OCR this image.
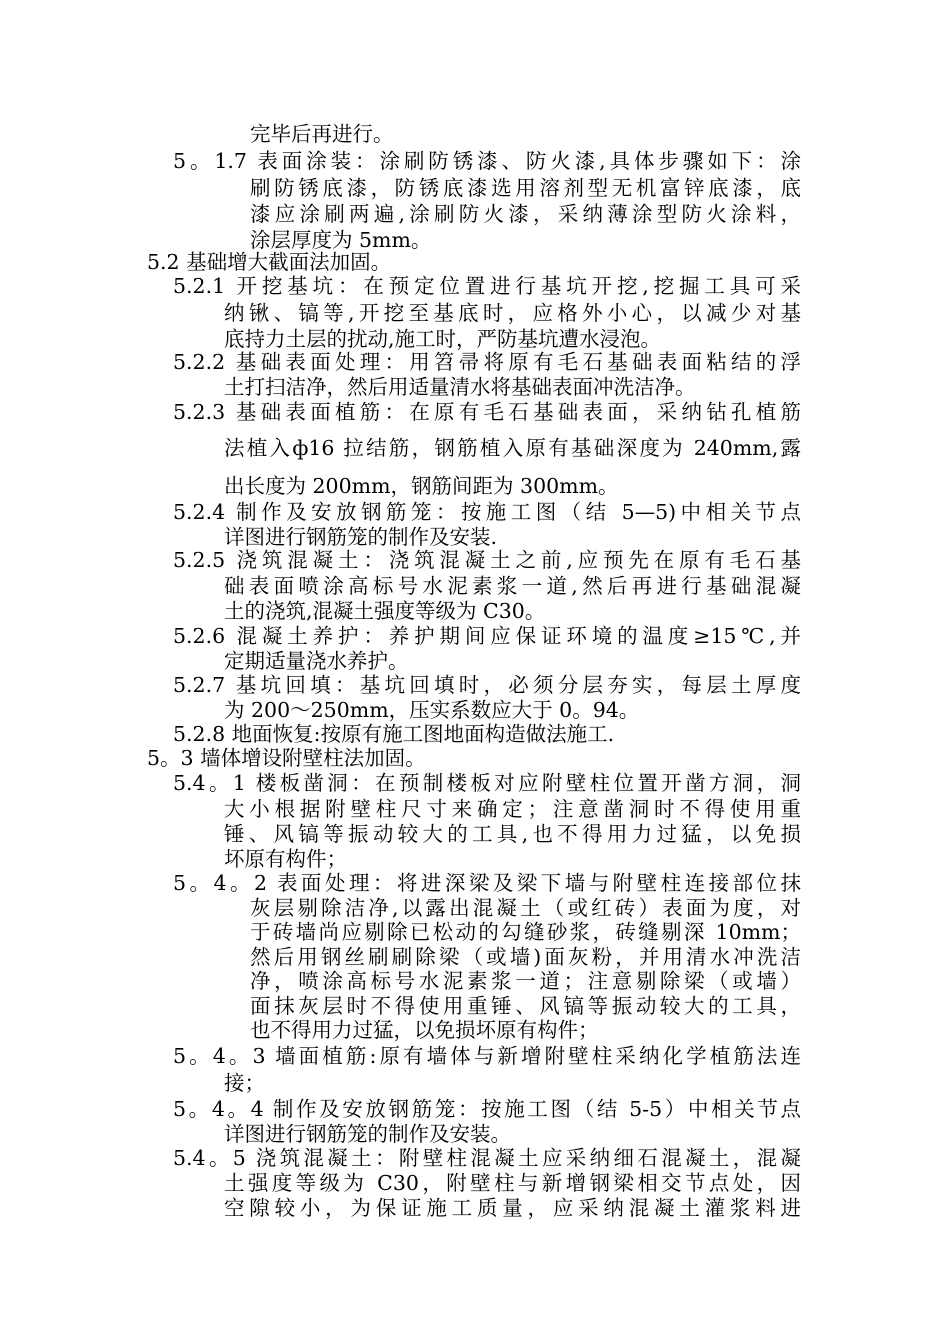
完毕后再进行。
5。1.7 表面涂装：涂刷防锈漆、防火漆,具体步骤如下：涂
刷防锈底漆，防锈底漆选用溶剂型无机富锌底漆，底
漆应涂刷两遍,涂刷防火漆，采纳薄涂型防火涂料，
涂层厚度为 5mm。
5.2 基础增大截面法加固。
5.2.1 开挖基坑：在预定位置进行基坑开挖,挖掘工具可采
纳锹、镐等,开挖至基底时，应格外小心，以减少对基
底持力土层的扰动,施工时，严防基坑遭水浸泡。
5.2.2 基础表面处理：用笤帚将原有毛石基础表面粘结的浮
土打扫洁净，然后用适量清水将基础表面冲洗洁净。
5.2.3 基础表面植筋：在原有毛石基础表面，采纳钻孔植筋
法植入ф16 拉结筋，钢筋植入原有基础深度为 240mm,露
出长度为 200mm，钢筋间距为 300mm。
5.2.4 制作及安放钢筋笼：按施工图（结 5—5)中相关节点
详图进行钢筋笼的制作及安装.
5.2.5 浇筑混凝土：浇筑混凝土之前,应预先在原有毛石基
础表面喷涂高标号水泥素浆一道,然后再进行基础混凝
土的浇筑,混凝土强度等级为 C30。
5.2.6 混凝土养护：养护期间应保证环境的温度≥15℃,并
定期适量浇水养护。
5.2.7 基坑回填：基坑回填时，必须分层夯实，每层土厚度
为 200～250mm，压实系数应大于 0。94。
5.2.8 地面恢复:按原有施工图地面构造做法施工.
5。3 墙体增设附壁柱法加固。
5.4。1 楼板凿洞：在预制楼板对应附壁柱位置开凿方洞，洞
大小根据附壁柱尺寸来确定；注意凿洞时不得使用重
锤、风镐等振动较大的工具,也不得用力过猛，以免损
坏原有构件；
5。4。2 表面处理：将进深梁及梁下墙与附壁柱连接部位抹
灰层剔除洁净,以露出混凝土（或红砖）表面为度，对
于砖墙尚应剔除已松动的勾缝砂浆，砖缝剔深 10mm；
然后用钢丝刷刷除梁（或墙)面灰粉，并用清水冲洗洁
净，喷涂高标号水泥素浆一道；注意剔除梁（或墙）
面抹灰层时不得使用重锤、风镐等振动较大的工具，
也不得用力过猛，以免损坏原有构件；
5。4。3 墙面植筋:原有墙体与新增附壁柱采纳化学植筋法连
接；
5。4。4 制作及安放钢筋笼：按施工图（结 5-5）中相关节点
详图进行钢筋笼的制作及安装。
5.4。5 浇筑混凝土：附壁柱混凝土应采纳细石混凝土，混凝
土强度等级为 C30，附壁柱与新增钢梁相交节点处，因
空隙较小，为保证施工质量，应采纳混凝土灌浆料进
